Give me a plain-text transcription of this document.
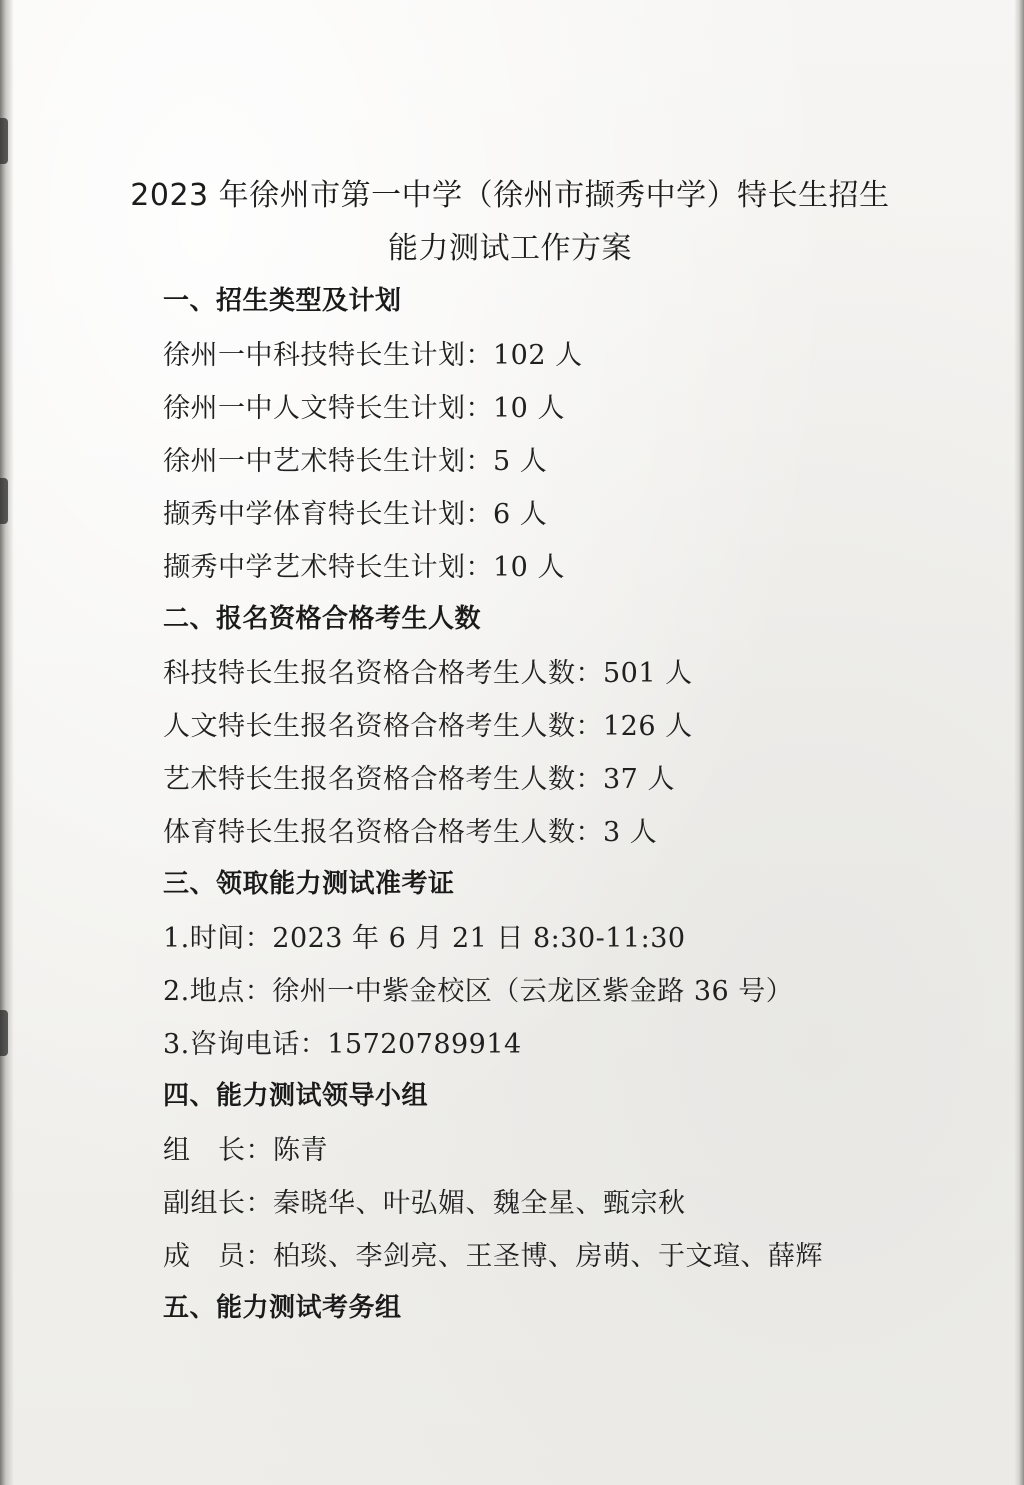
2023 年徐州市第一中学（徐州市撷秀中学）特长生招生
能力测试工作方案
一、招生类型及计划
徐州一中科技特长生计划：102 人
徐州一中人文特长生计划：10 人
徐州一中艺术特长生计划：5 人
撷秀中学体育特长生计划：6 人
撷秀中学艺术特长生计划：10 人
二、报名资格合格考生人数
科技特长生报名资格合格考生人数：501 人
人文特长生报名资格合格考生人数：126 人
艺术特长生报名资格合格考生人数：37 人
体育特长生报名资格合格考生人数：3 人
三、领取能力测试准考证
1.时间：2023 年 6 月 21 日 8:30-11:30
2.地点：徐州一中紫金校区（云龙区紫金路 36 号）
3.咨询电话：15720789914
四、能力测试领导小组
组　长：陈青
副组长：秦晓华、叶弘媚、魏全星、甄宗秋
成　员：柏琰、李剑亮、王圣博、房萌、于文瑄、薛辉
五、能力测试考务组
